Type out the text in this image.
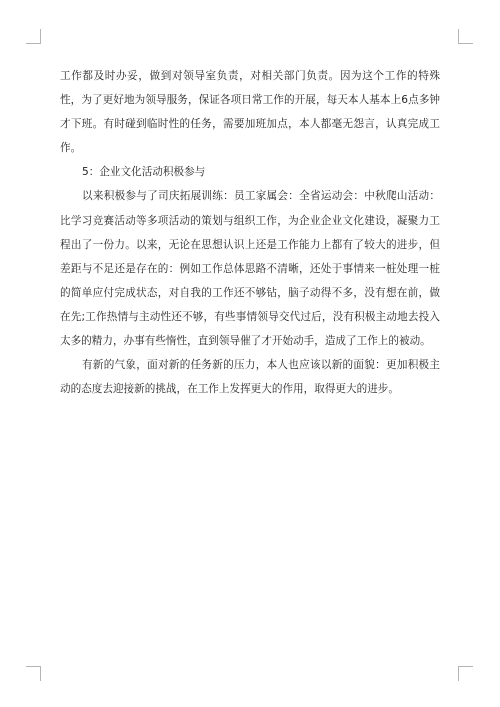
工作都及时办妥，做到对领导室负责，对相关部门负责。因为这个工作的特殊性，为了更好地为领导服务，保证各项日常工作的开展，每天本人基本上6点多钟才下班。有时碰到临时性的任务，需要加班加点，本人都毫无怨言，认真完成工作。

5：企业文化活动积极参与

以来积极参与了司庆拓展训练：员工家属会：全省运动会：中秋爬山活动：比学习竞赛活动等多项活动的策划与组织工作，为企业企业文化建设，凝聚力工程出了一份力。以来，无论在思想认识上还是工作能力上都有了较大的进步，但差距与不足还是存在的：例如工作总体思路不清晰，还处于事情来一桩处理一桩的简单应付完成状态，对自我的工作还不够钻，脑子动得不多，没有想在前，做在先;工作热情与主动性还不够，有些事情领导交代过后，没有积极主动地去投入太多的精力，办事有些惰性，直到领导催了才开始动手，造成了工作上的被动。

有新的气象，面对新的任务新的压力，本人也应该以新的面貌：更加积极主动的态度去迎接新的挑战，在工作上发挥更大的作用，取得更大的进步。
